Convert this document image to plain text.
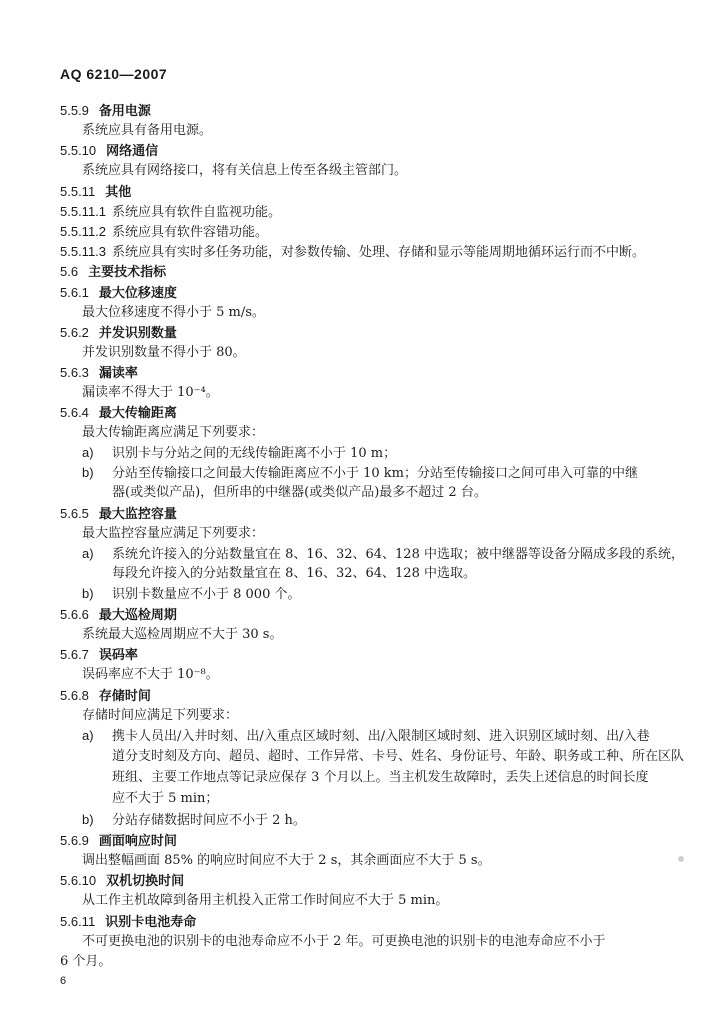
AQ 6210—2007
5.5.9 备用电源
系统应具有备用电源。
5.5.10 网络通信
系统应具有网络接口，将有关信息上传至各级主管部门。
5.5.11 其他
5.5.11.1 系统应具有软件自监视功能。
5.5.11.2 系统应具有软件容错功能。
5.5.11.3 系统应具有实时多任务功能，对参数传输、处理、存储和显示等能周期地循环运行而不中断。
5.6 主要技术指标
5.6.1 最大位移速度
最大位移速度不得小于 5 m/s。
5.6.2 并发识别数量
并发识别数量不得小于 80。
5.6.3 漏读率
漏读率不得大于 10⁻⁴。
5.6.4 最大传输距离
最大传输距离应满足下列要求：
a) 识别卡与分站之间的无线传输距离不小于 10 m；
b) 分站至传输接口之间最大传输距离应不小于 10 km；分站至传输接口之间可串入可靠的中继
器(或类似产品)，但所串的中继器(或类似产品)最多不超过 2 台。
5.6.5 最大监控容量
最大监控容量应满足下列要求：
a) 系统允许接入的分站数量宜在 8、16、32、64、128 中选取；被中继器等设备分隔成多段的系统，
每段允许接入的分站数量宜在 8、16、32、64、128 中选取。
b) 识别卡数量应不小于 8 000 个。
5.6.6 最大巡检周期
系统最大巡检周期应不大于 30 s。
5.6.7 误码率
误码率应不大于 10⁻⁸。
5.6.8 存储时间
存储时间应满足下列要求：
a) 携卡人员出/入井时刻、出/入重点区域时刻、出/入限制区域时刻、进入识别区域时刻、出/入巷
道分支时刻及方向、超员、超时、工作异常、卡号、姓名、身份证号、年龄、职务或工种、所在区队
班组、主要工作地点等记录应保存 3 个月以上。当主机发生故障时，丢失上述信息的时间长度
应不大于 5 min；
b) 分站存储数据时间应不小于 2 h。
5.6.9 画面响应时间
调出整幅画面 85% 的响应时间应不大于 2 s，其余画面应不大于 5 s。
5.6.10 双机切换时间
从工作主机故障到备用主机投入正常工作时间应不大于 5 min。
5.6.11 识别卡电池寿命
不可更换电池的识别卡的电池寿命应不小于 2 年。可更换电池的识别卡的电池寿命应不小于
6 个月。
6
